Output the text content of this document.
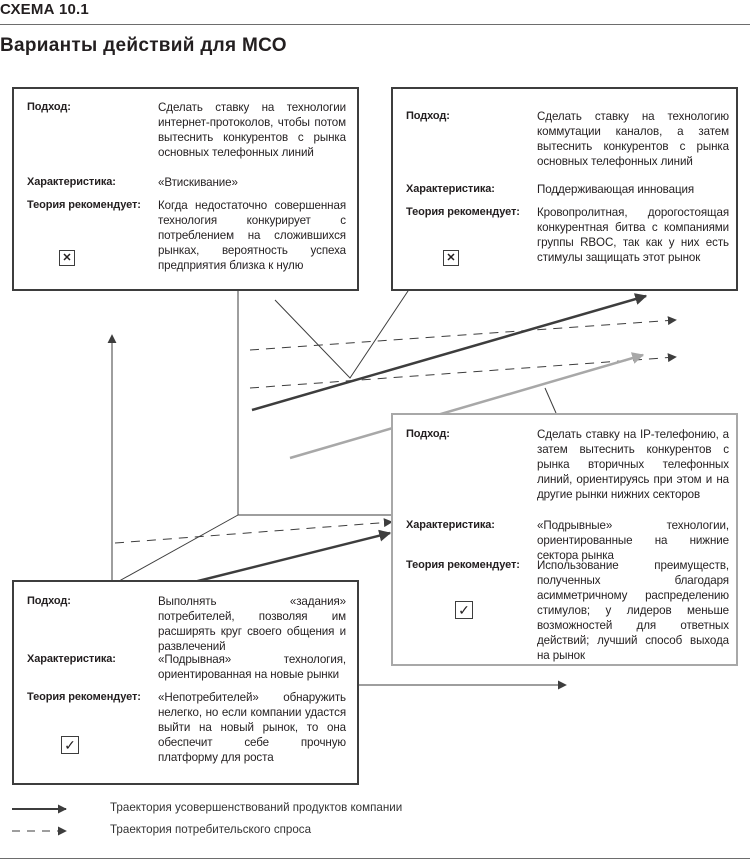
СХЕМА 10.1
Варианты действий для МСО
Подход:	Сделать ставку на технологии интернет-протоколов, чтобы потом вытеснить конкурентов с рынка основных телефонных линий
Характеристика:	«Втискивание»
Теория рекомендует:	Когда недостаточно совершенная технология конкурирует с потреблением на сложившихся рынках, вероятность успеха предприятия близка к нулю
✕
Подход:	Сделать ставку на технологию коммутации каналов, а затем вытеснить конкурентов с рынка основных телефонных линий
Характеристика:	Поддерживающая инновация
Теория рекомендует:	Кровопролитная, дорогостоящая конкурентная битва с компаниями группы RBOC, так как у них есть стимулы защищать этот рынок
✕
Подход:	Сделать ставку на IP-телефонию, а затем вытеснить конкурентов с рынка вторичных телефонных линий, ориентируясь при этом и на другие рынки нижних секторов
Характеристика:	«Подрывные» технологии, ориентированные на нижние сектора рынка
Теория рекомендует:	Использование преимуществ, полученных благодаря асимметричному распределению стимулов; у лидеров меньше возможностей для ответных действий; лучший способ выхода на рынок
✓
Подход:	Выполнять «задания» потребителей, позволяя им расширять круг своего общения и развлечений
Характеристика:	«Подрывная» технология, ориентированная на новые рынки
Теория рекомендует:	«Непотребителей» обнаружить нелегко, но если компании удастся выйти на новый рынок, то она обеспечит себе прочную платформу для роста
✓
Траектория усовершенствований продуктов компании
Траектория потребительского спроса
